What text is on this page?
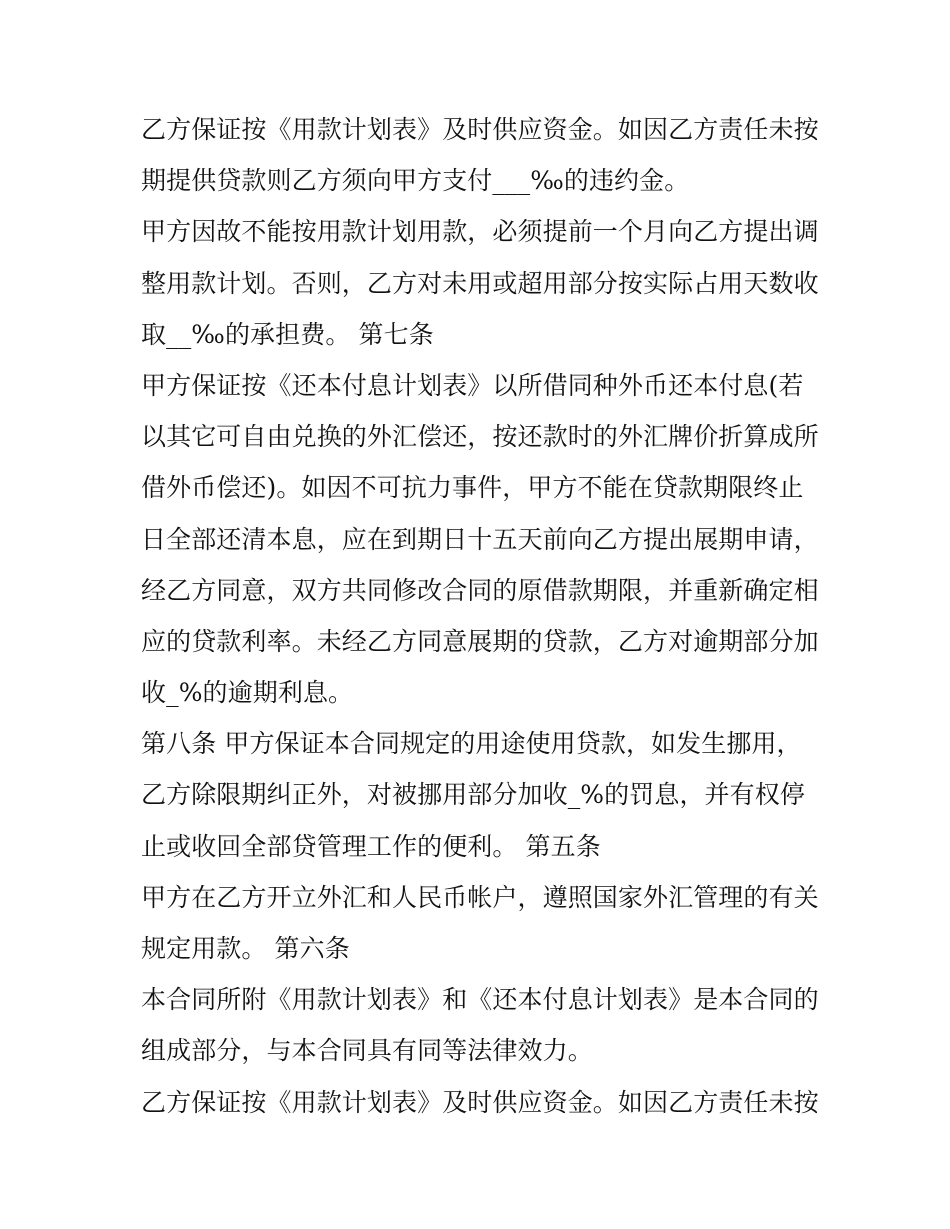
乙方保证按《用款计划表》及时供应资金。如因乙方责任未按
期提供贷款则乙方须向甲方支付___‰的违约金。
甲方因故不能按用款计划用款，必须提前一个月向乙方提出调
整用款计划。否则，乙方对未用或超用部分按实际占用天数收
取__‰的承担费。 第七条
甲方保证按《还本付息计划表》以所借同种外币还本付息(若
以其它可自由兑换的外汇偿还，按还款时的外汇牌价折算成所
借外币偿还)。如因不可抗力事件，甲方不能在贷款期限终止
日全部还清本息，应在到期日十五天前向乙方提出展期申请，
经乙方同意，双方共同修改合同的原借款期限，并重新确定相
应的贷款利率。未经乙方同意展期的贷款，乙方对逾期部分加
收_%的逾期利息。
第八条 甲方保证本合同规定的用途使用贷款，如发生挪用，
乙方除限期纠正外，对被挪用部分加收_%的罚息，并有权停
止或收回全部贷管理工作的便利。 第五条
甲方在乙方开立外汇和人民币帐户，遵照国家外汇管理的有关
规定用款。 第六条
本合同所附《用款计划表》和《还本付息计划表》是本合同的
组成部分，与本合同具有同等法律效力。
乙方保证按《用款计划表》及时供应资金。如因乙方责任未按
